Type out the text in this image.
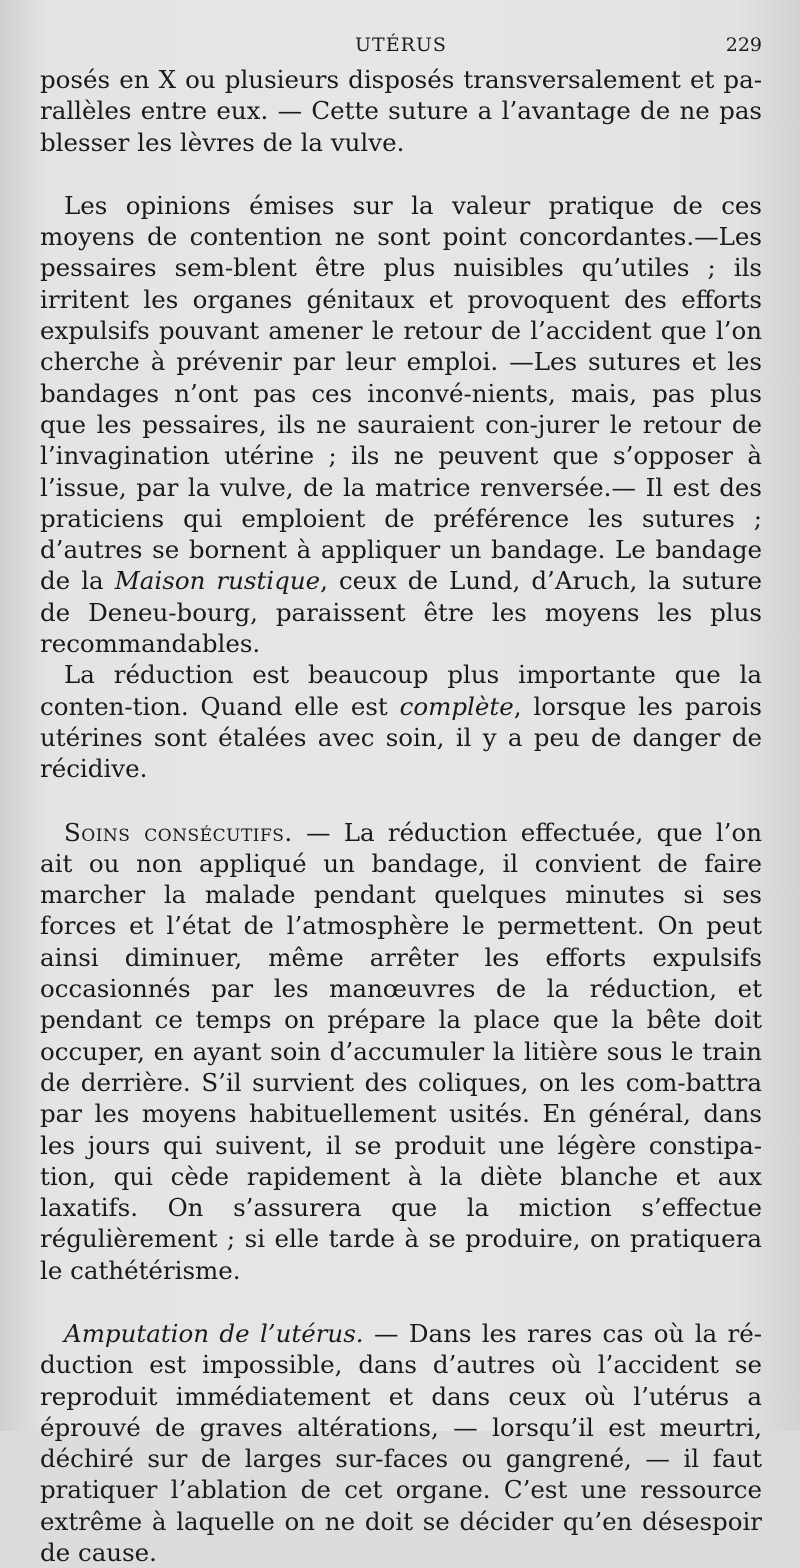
UTÉRUS	229

posés en X ou plusieurs disposés transversalement et pa-rallèles entre eux. — Cette suture a l’avantage de ne pas blesser les lèvres de la vulve.

Les opinions émises sur la valeur pratique de ces moyens de contention ne sont point concordantes.—Les pessaires sem-blent être plus nuisibles qu’utiles ; ils irritent les organes génitaux et provoquent des efforts expulsifs pouvant amener le retour de l’accident que l’on cherche à prévenir par leur emploi. —Les sutures et les bandages n’ont pas ces inconvé-nients, mais, pas plus que les pessaires, ils ne sauraient con-jurer le retour de l’invagination utérine ; ils ne peuvent que s’opposer à l’issue, par la vulve, de la matrice renversée.— Il est des praticiens qui emploient de préférence les sutures ; d’autres se bornent à appliquer un bandage. Le bandage de la Maison rustique, ceux de Lund, d’Aruch, la suture de Deneu-bourg, paraissent être les moyens les plus recommandables.

La réduction est beaucoup plus importante que la conten-tion. Quand elle est complète, lorsque les parois utérines sont étalées avec soin, il y a peu de danger de récidive.

Soins consécutifs. — La réduction effectuée, que l’on ait ou non appliqué un bandage, il convient de faire marcher la malade pendant quelques minutes si ses forces et l’état de l’atmosphère le permettent. On peut ainsi diminuer, même arrêter les efforts expulsifs occasionnés par les manœuvres de la réduction, et pendant ce temps on prépare la place que la bête doit occuper, en ayant soin d’accumuler la litière sous le train de derrière. S’il survient des coliques, on les com-battra par les moyens habituellement usités. En général, dans les jours qui suivent, il se produit une légère constipa-tion, qui cède rapidement à la diète blanche et aux laxatifs. On s’assurera que la miction s’effectue régulièrement ; si elle tarde à se produire, on pratiquera le cathétérisme.

Amputation de l’utérus. — Dans les rares cas où la ré-duction est impossible, dans d’autres où l’accident se reproduit immédiatement et dans ceux où l’utérus a éprouvé de graves altérations, — lorsqu’il est meurtri, déchiré sur de larges sur-faces ou gangrené, — il faut pratiquer l’ablation de cet organe. C’est une ressource extrême à laquelle on ne doit se décider qu’en désespoir de cause.
